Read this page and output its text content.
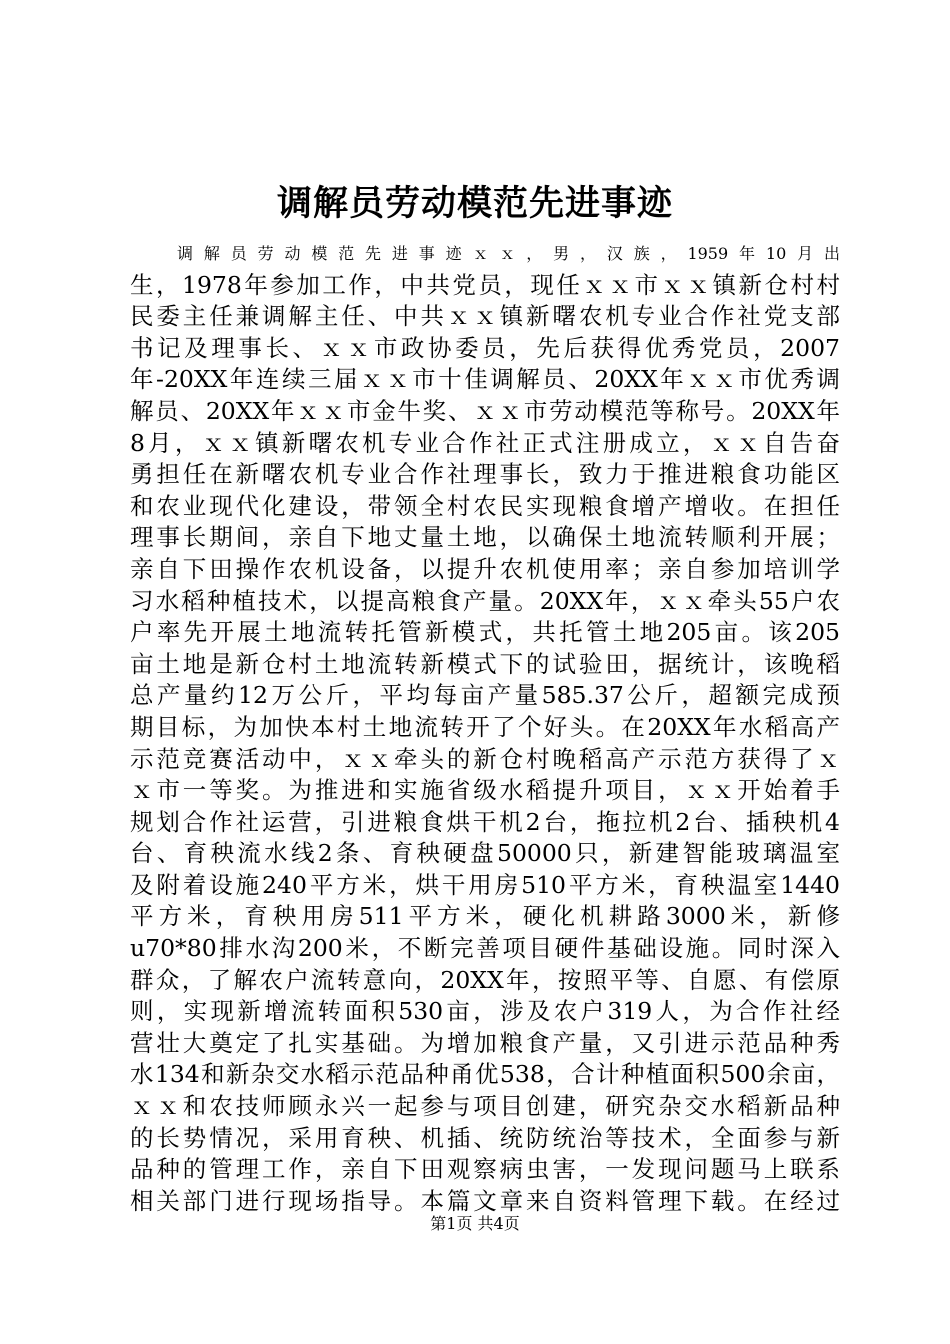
调解员劳动模范先进事迹
调解员劳动模范先进事迹ｘｘ，男，汉族，1959年10月出
生，1978年参加工作，中共党员，现任ｘｘ市ｘｘ镇新仓村村
民委主任兼调解主任、中共ｘｘ镇新曙农机专业合作社党支部
书记及理事长、ｘｘ市政协委员，先后获得优秀党员，2007
年-20XX年连续三届ｘｘ市十佳调解员、20XX年ｘｘ市优秀调
解员、20XX年ｘｘ市金牛奖、ｘｘ市劳动模范等称号。20XX年
8月，ｘｘ镇新曙农机专业合作社正式注册成立，ｘｘ自告奋
勇担任在新曙农机专业合作社理事长，致力于推进粮食功能区
和农业现代化建设，带领全村农民实现粮食增产增收。在担任
理事长期间，亲自下地丈量土地，以确保土地流转顺利开展；
亲自下田操作农机设备，以提升农机使用率；亲自参加培训学
习水稻种植技术，以提高粮食产量。20XX年，ｘｘ牵头55户农
户率先开展土地流转托管新模式，共托管土地205亩。该205
亩土地是新仓村土地流转新模式下的试验田，据统计，该晚稻
总产量约12万公斤，平均每亩产量585.37公斤，超额完成预
期目标，为加快本村土地流转开了个好头。在20XX年水稻高产
示范竞赛活动中，ｘｘ牵头的新仓村晚稻高产示范方获得了ｘ
ｘ市一等奖。为推进和实施省级水稻提升项目，ｘｘ开始着手
规划合作社运营，引进粮食烘干机2台，拖拉机2台、插秧机4
台、育秧流水线2条、育秧硬盘50000只，新建智能玻璃温室
及附着设施240平方米，烘干用房510平方米，育秧温室1440
平方米，育秧用房511平方米，硬化机耕路3000米，新修
u70*80排水沟200米，不断完善项目硬件基础设施。同时深入
群众，了解农户流转意向，20XX年，按照平等、自愿、有偿原
则，实现新增流转面积530亩，涉及农户319人，为合作社经
营壮大奠定了扎实基础。为增加粮食产量，又引进示范品种秀
水134和新杂交水稻示范品种甬优538，合计种植面积500余亩，
ｘｘ和农技师顾永兴一起参与项目创建，研究杂交水稻新品种
的长势情况，采用育秧、机插、统防统治等技术，全面参与新
品种的管理工作，亲自下田观察病虫害，一发现问题马上联系
相关部门进行现场指导。本篇文章来自资料管理下载。在经过
第1页 共4页
